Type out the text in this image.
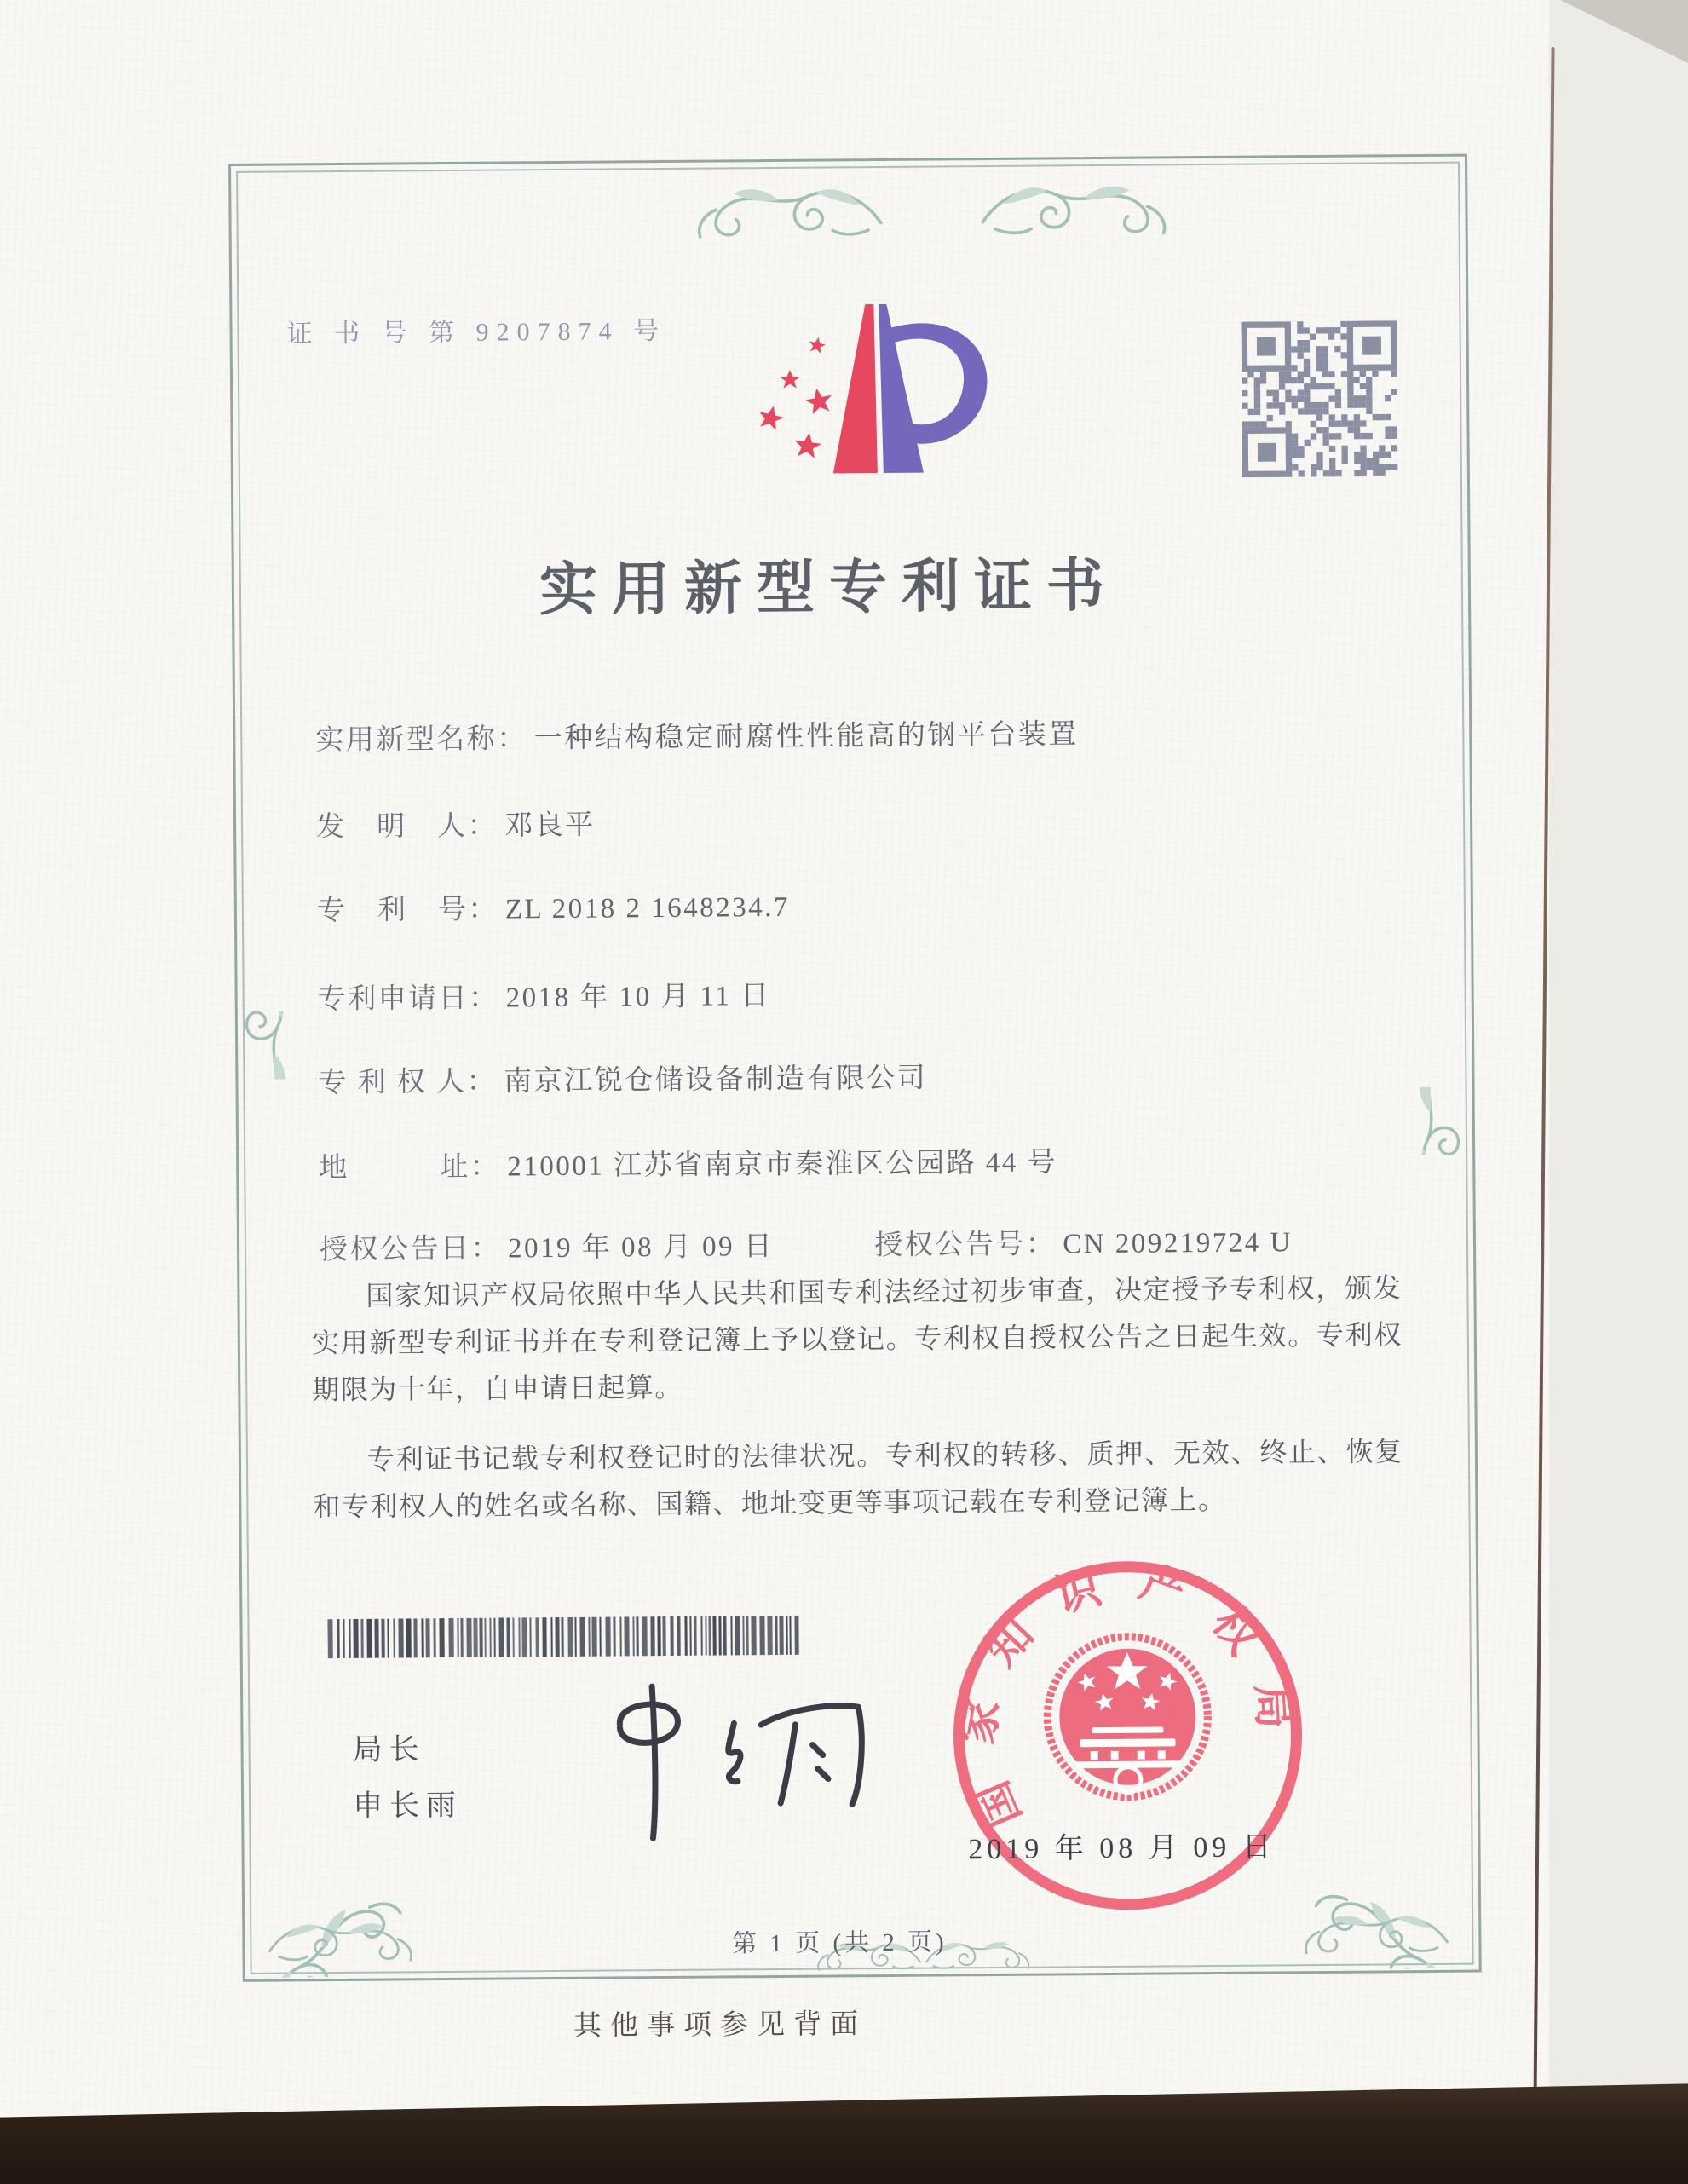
证 书 号 第 9207874 号
实用新型专利证书
实用新型名称： 一种结构稳定耐腐性性能高的钢平台装置
发　明　人： 邓良平
专　利　号： ZL 2018 2 1648234.7
专利申请日： 2018 年 10 月 11 日
专 利 权 人： 南京江锐仓储设备制造有限公司
地　　　址： 210001 江苏省南京市秦淮区公园路 44 号
授权公告日： 2019 年 08 月 09 日	授权公告号： CN 209219724 U

国家知识产权局依照中华人民共和国专利法经过初步审查，决定授予专利权，颁发实用新型专利证书并在专利登记簿上予以登记。专利权自授权公告之日起生效。专利权期限为十年，自申请日起算。

专利证书记载专利权登记时的法律状况。专利权的转移、质押、无效、终止、恢复和专利权人的姓名或名称、国籍、地址变更等事项记载在专利登记簿上。

局长
申长雨	国家知识产权局
2019 年 08 月 09 日
第 1 页 (共 2 页)
其他事项参见背面
